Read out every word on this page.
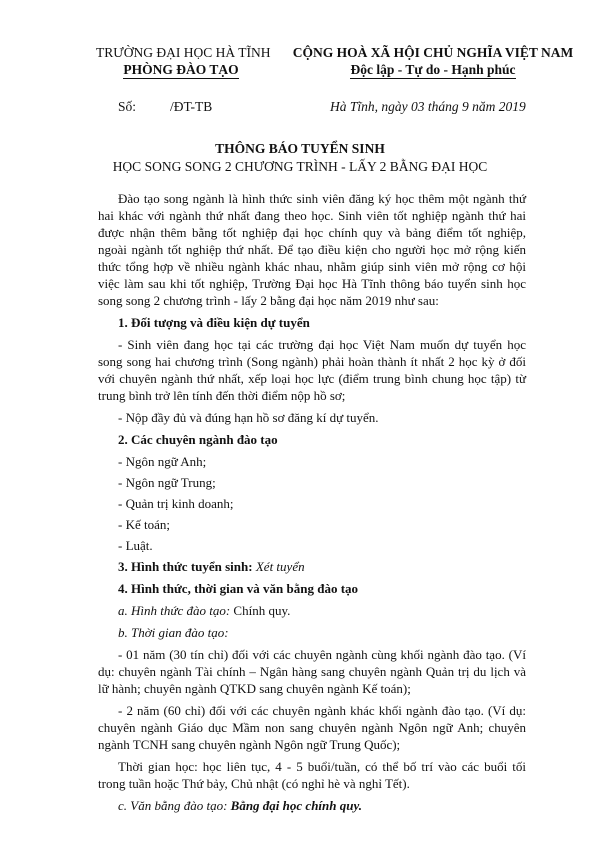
TRƯỜNG ĐẠI HỌC HÀ TĨNH
PHÒNG ĐÀO TẠO
CỘNG HOÀ XÃ HỘI CHỦ NGHĨA VIỆT NAM
Độc lập - Tự do - Hạnh phúc
Số:	/ĐT-TB	Hà Tĩnh, ngày 03 tháng 9 năm 2019
THÔNG BÁO TUYỂN SINH
HỌC SONG SONG 2 CHƯƠNG TRÌNH - LẤY 2 BẰNG ĐẠI HỌC

Đào tạo song ngành là hình thức sinh viên đăng ký học thêm một ngành thứ hai khác với ngành thứ nhất đang theo học. Sinh viên tốt nghiệp ngành thứ hai được nhận thêm bằng tốt nghiệp đại học chính quy và bảng điểm tốt nghiệp, ngoài ngành tốt nghiệp thứ nhất. Để tạo điều kiện cho người học mở rộng kiến thức tổng hợp về nhiều ngành khác nhau, nhằm giúp sinh viên mở rộng cơ hội việc làm sau khi tốt nghiệp, Trường Đại học Hà Tĩnh thông báo tuyển sinh học song song 2 chương trình - lấy 2 bằng đại học năm 2019 như sau:

1. Đối tượng và điều kiện dự tuyển

- Sinh viên đang học tại các trường đại học Việt Nam muốn dự tuyển học song song hai chương trình (Song ngành) phải hoàn thành ít nhất 2 học kỳ ở đối với chuyên ngành thứ nhất, xếp loại học lực (điểm trung bình chung học tập) từ trung bình trở lên tính đến thời điểm nộp hồ sơ;

- Nộp đầy đủ và đúng hạn hồ sơ đăng kí dự tuyển.

2. Các chuyên ngành đào tạo

- Ngôn ngữ Anh;

- Ngôn ngữ Trung;

- Quản trị kinh doanh;

- Kế toán;

- Luật.

3. Hình thức tuyển sinh: Xét tuyển

4. Hình thức, thời gian và văn bằng đào tạo

a. Hình thức đào tạo: Chính quy.

b. Thời gian đào tạo:

- 01 năm (30 tín chỉ) đối với các chuyên ngành cùng khối ngành đào tạo. (Ví dụ: chuyên ngành Tài chính – Ngân hàng sang chuyên ngành Quản trị du lịch và lữ hành; chuyên ngành QTKD sang chuyên ngành Kế toán);

- 2 năm (60 chỉ) đối với các chuyên ngành khác khối ngành đào tạo. (Ví dụ: chuyên ngành Giáo dục Mầm non sang chuyên ngành Ngôn ngữ Anh; chuyên ngành TCNH sang chuyên ngành Ngôn ngữ Trung Quốc);

Thời gian học: học liên tục, 4 - 5 buổi/tuần, có thể bố trí vào các buổi tối trong tuần hoặc Thứ bảy, Chủ nhật (có nghỉ hè và nghỉ Tết).

c. Văn bằng đào tạo: Bằng đại học chính quy.
